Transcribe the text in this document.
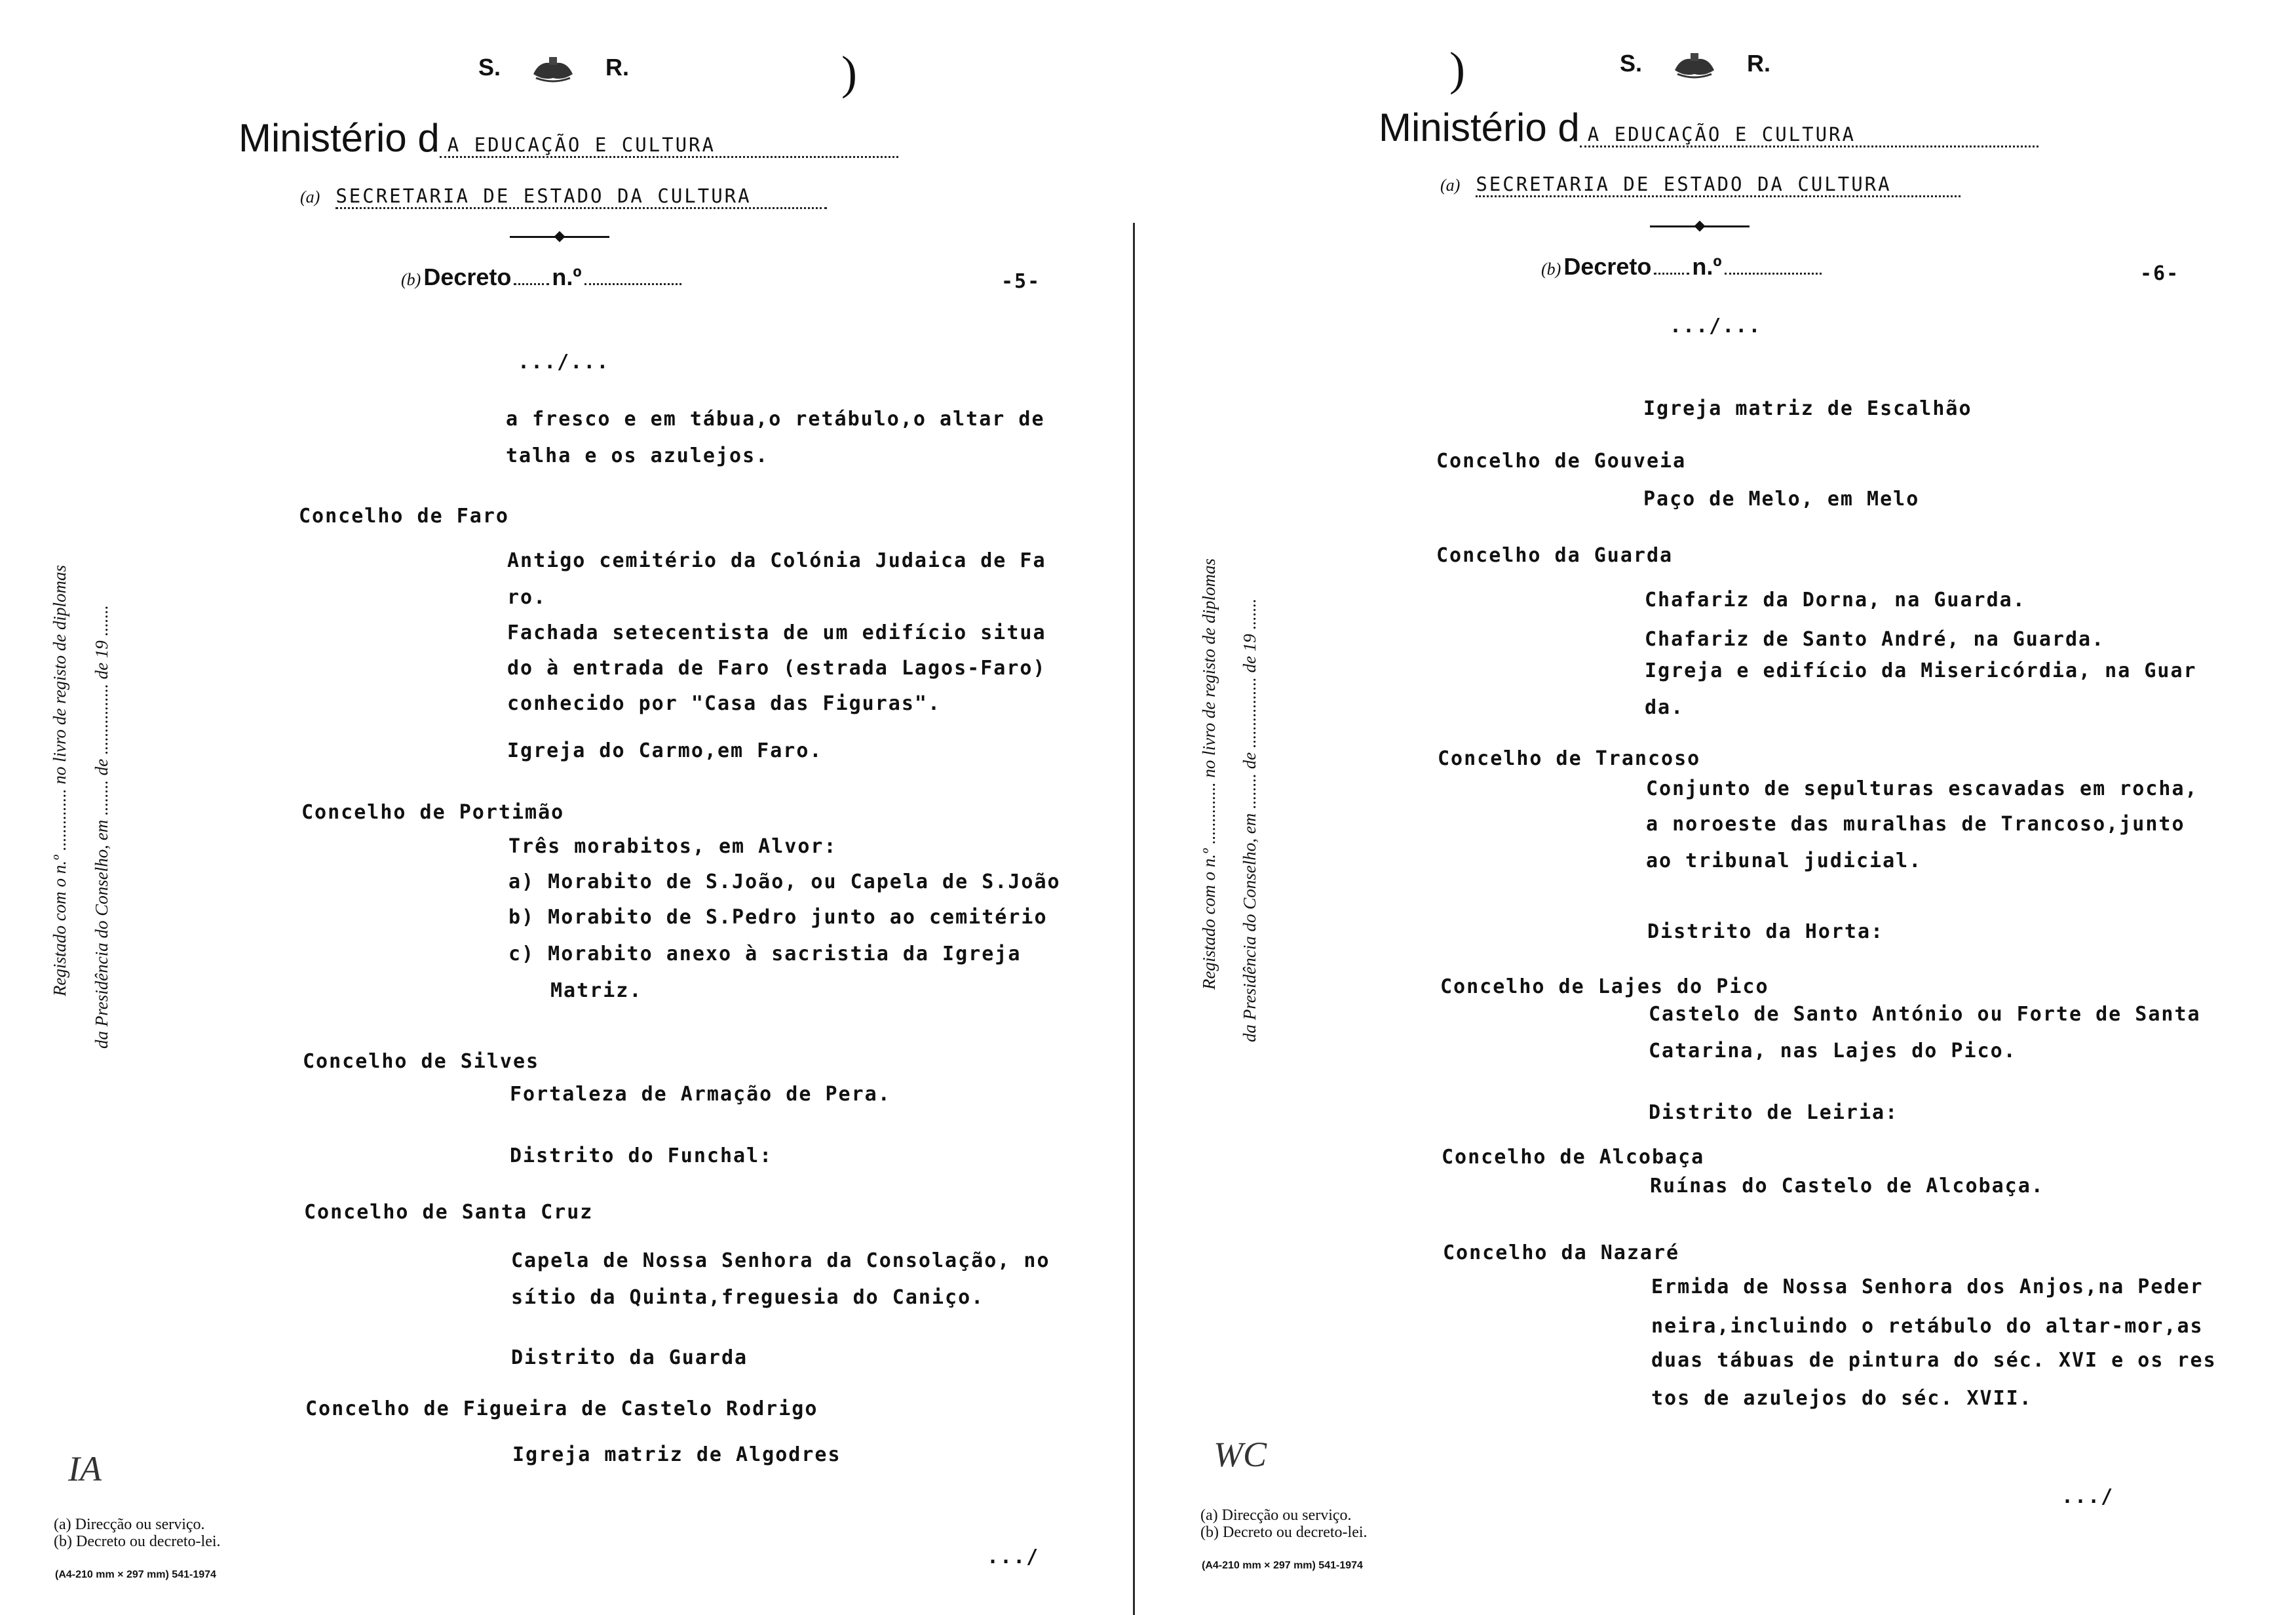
S.	R.	)
Ministério d A EDUCAÇÃO E CULTURA
(a) SECRETARIA DE ESTADO DA CULTURA
(b) Decreto n.º	-5-
Registado com o n.º .............. no livro de registo de diplomas da Presidência do Conselho, em ........ de ................ de 19 .......
.../...
a fresco e em tábua,o retábulo,o altar de
talha e os azulejos.
Concelho de Faro
Antigo cemitério da Colónia Judaica de Fa
ro.
Fachada setecentista de um edifício situa
do à entrada de Faro (estrada Lagos-Faro)
conhecido por "Casa das Figuras".
Igreja do Carmo,em Faro.
Concelho de Portimão
Três morabitos, em Alvor:
a) Morabito de S.João, ou Capela de S.João
b) Morabito de S.Pedro junto ao cemitério
c) Morabito anexo à sacristia da Igreja
Matriz.
Concelho de Silves
Fortaleza de Armação de Pera.
Distrito do Funchal:
Concelho de Santa Cruz
Capela de Nossa Senhora da Consolação, no
sítio da Quinta,freguesia do Caniço.
Distrito da Guarda
Concelho de Figueira de Castelo Rodrigo
Igreja matriz de Algodres
IA
(a) Direcção ou serviço.
(b) Decreto ou decreto-lei.
(A4-210 mm × 297 mm) 541-1974
.../
S.	R.
)
Ministério d A EDUCAÇÃO E CULTURA
(a) SECRETARIA DE ESTADO DA CULTURA
(b) Decreto n.º	-6-
Registado com o n.º .............. no livro de registo de diplomas da Presidência do Conselho, em ........ de ................ de 19 .......
.../...
Igreja matriz de Escalhão
Concelho de Gouveia
Paço de Melo, em Melo
Concelho da Guarda
Chafariz da Dorna, na Guarda.
Chafariz de Santo André, na Guarda.
Igreja e edifício da Misericórdia, na Guar
da.
Concelho de Trancoso
Conjunto de sepulturas escavadas em rocha,
a noroeste das muralhas de Trancoso,junto
ao tribunal judicial.
Distrito da Horta:
Concelho de Lajes do Pico
Castelo de Santo António ou Forte de Santa
Catarina, nas Lajes do Pico.
Distrito de Leiria:
Concelho de Alcobaça
Ruínas do Castelo de Alcobaça.
Concelho da Nazaré
Ermida de Nossa Senhora dos Anjos,na Peder
neira,incluindo o retábulo do altar-mor,as
duas tábuas de pintura do séc. XVI e os res
tos de azulejos do séc. XVII.
WC
(a) Direcção ou serviço.
(b) Decreto ou decreto-lei.
(A4-210 mm × 297 mm) 541-1974
.../
